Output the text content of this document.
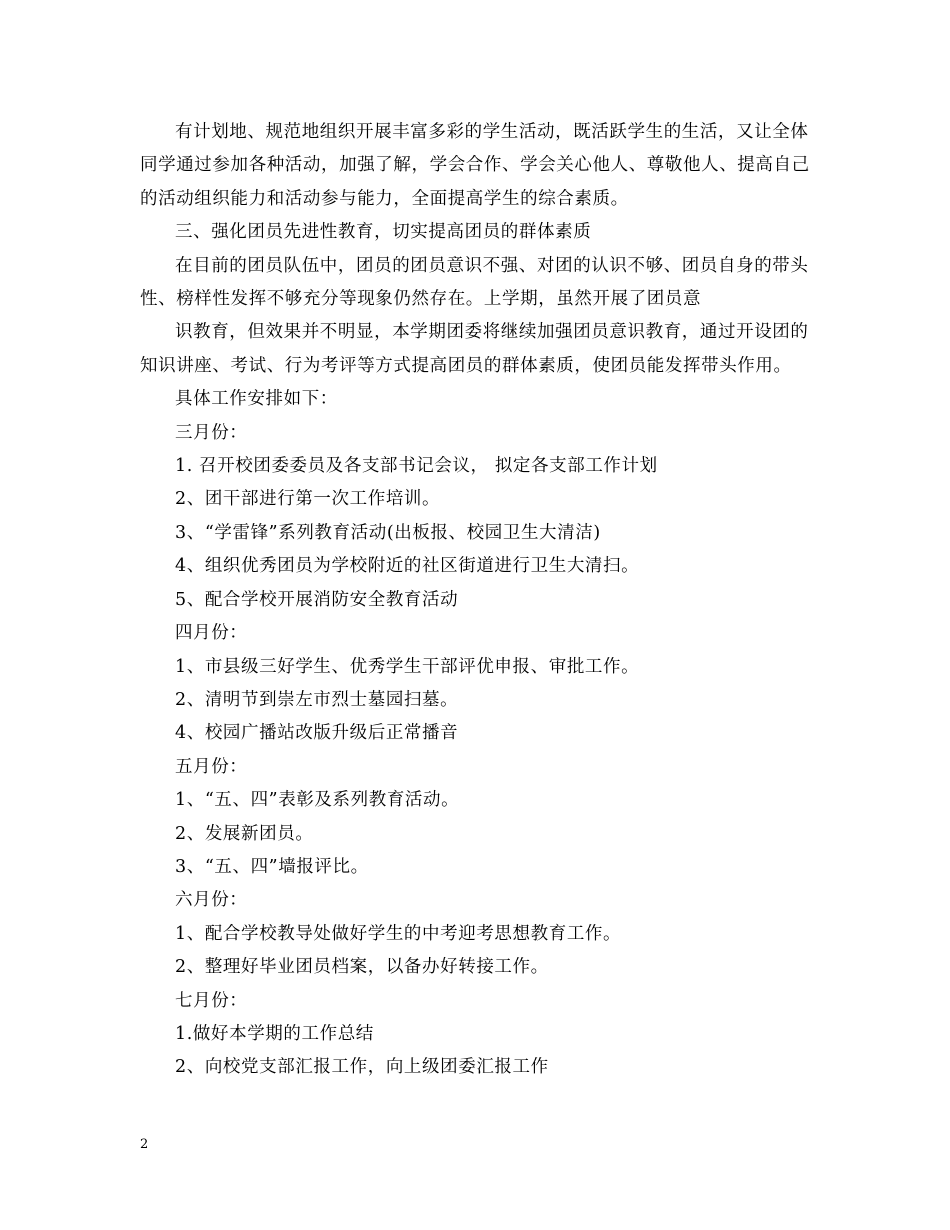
有计划地、规范地组织开展丰富多彩的学生活动，既活跃学生的生活，又让全体同学通过参加各种活动，加强了解，学会合作、学会关心他人、尊敬他人、提高自己的活动组织能力和活动参与能力，全面提高学生的综合素质。

三、强化团员先进性教育，切实提高团员的群体素质

在目前的团员队伍中，团员的团员意识不强、对团的认识不够、团员自身的带头性、榜样性发挥不够充分等现象仍然存在。上学期，虽然开展了团员意

识教育，但效果并不明显，本学期团委将继续加强团员意识教育，通过开设团的知识讲座、考试、行为考评等方式提高团员的群体素质，使团员能发挥带头作用。

具体工作安排如下：

三月份：

1. 召开校团委委员及各支部书记会议， 拟定各支部工作计划

2、团干部进行第一次工作培训。

3、“学雷锋”系列教育活动(出板报、校园卫生大清洁)

4、组织优秀团员为学校附近的社区街道进行卫生大清扫。

5、配合学校开展消防安全教育活动

四月份：

1、市县级三好学生、优秀学生干部评优申报、审批工作。

2、清明节到崇左市烈士墓园扫墓。

4、校园广播站改版升级后正常播音

五月份：

1、“五、四”表彰及系列教育活动。

2、发展新团员。

3、“五、四”墙报评比。

六月份：

1、配合学校教导处做好学生的中考迎考思想教育工作。

2、整理好毕业团员档案，以备办好转接工作。

七月份：

1.做好本学期的工作总结

2、向校党支部汇报工作，向上级团委汇报工作

2
